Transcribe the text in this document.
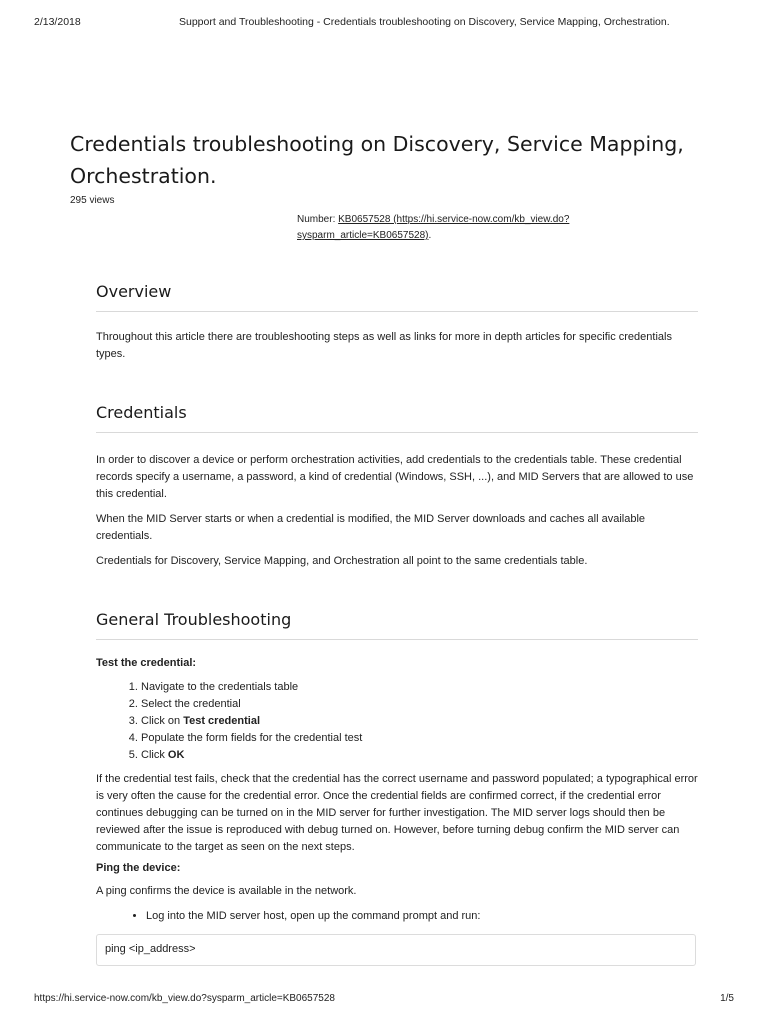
2/13/2018	Support and Troubleshooting - Credentials troubleshooting on Discovery, Service Mapping, Orchestration.
Credentials troubleshooting on Discovery, Service Mapping,
Orchestration.
295 views
Number: KB0657528 (https://hi.service-now.com/kb_view.do?
sysparm_article=KB0657528).
Overview

Throughout this article there are troubleshooting steps as well as links for more in depth articles for specific credentials types.

Credentials

In order to discover a device or perform orchestration activities, add credentials to the credentials table. These credential records specify a username, a password, a kind of credential (Windows, SSH, ...), and MID Servers that are allowed to use this credential.

When the MID Server starts or when a credential is modified, the MID Server downloads and caches all available credentials.

Credentials for Discovery, Service Mapping, and Orchestration all point to the same credentials table.

General Troubleshooting

Test the credential:

1. Navigate to the credentials table
2. Select the credential
3. Click on Test credential
4. Populate the form fields for the credential test
5. Click OK

If the credential test fails, check that the credential has the correct username and password populated; a typographical error is very often the cause for the credential error. Once the credential fields are confirmed correct, if the credential error continues debugging can be turned on in the MID server for further investigation. The MID server logs should then be reviewed after the issue is reproduced with debug turned on. However, before turning debug confirm the MID server can communicate to the target as seen on the next steps.

Ping the device:

A ping confirms the device is available in the network.

• Log into the MID server host, open up the command prompt and run:
ping <ip_address>
https://hi.service-now.com/kb_view.do?sysparm_article=KB0657528	1/5
